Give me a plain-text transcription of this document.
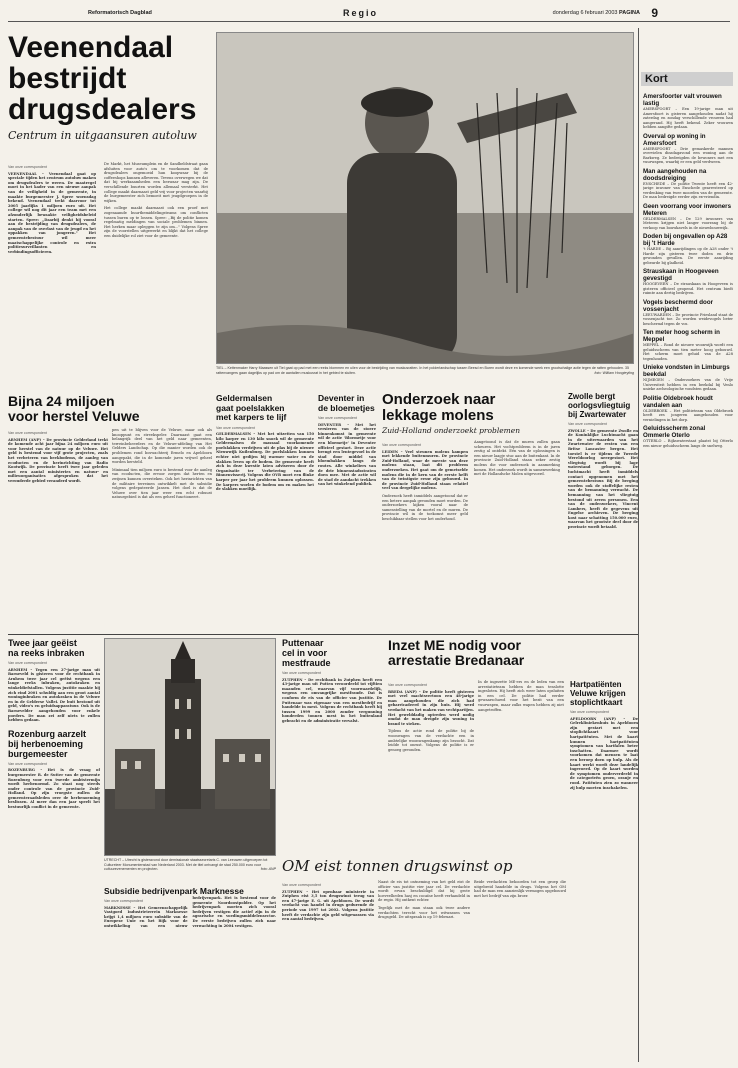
Reformatorisch Dagblad	Regio	donderdag 6 februari 2003 PAGINA 9
Veenendaal
bestrijdt
drugsdealers
Centrum in uitgaansuren autoluw
Van onze correspondent

VEENENDAAL – Veenendaal gaat op speciale tijden het centrum autoluw maken om drugsdealers te weren. De maatregel moet in het kader van een nieuwe aanpak van de veiligheid in de gemeente, in maakte burgemeester J. Spree woensdag bekend. Veenendaal trekt daarvoor tot 2005 jaarlijks 1 miljoen euro uit. Het college wil nog dit jaar een team met een afzonderlijk bewaakte veiligheidsbeleid starten. Spree: ,,Daarbij denkt hij vooral aan de bestrijding van drugsdealers, de aanpak van de overlast van de jeugd en het oppakken van jongeren." Het gemeentebestuur wil meer maatschappelijke controle en extra politiesurveillanten en verbindingsofficieren.

De Markt, het Museumplein en de Sandbeldstraat gaan afsluiten voor auto's om te voorkomen dat de drugsdealers ongemoeid hun koopwaar bij de coffeeshops kunnen afleveren. Tevens overwegen we dat dat bij werkzaamheden een bezwaar mag zijn. De verschillende buurten worden allemaal versterkt. Het college maakt daarnaast geld vrij voor projecten waarbij de burgemeester zich bemoeit met jeugdgroepen in de wijken.

Het college maakt daarnaast ook een proef met zogenaamde buurtbemiddelingsteams om conflicten tussen buren op te lossen. Spree: ,,Bij de politie komen regelmatig meldingen van sociale problemen binnen. Het herken maar opleggen te zijn om..." Volgens Spree zijn de voorstellen uitgewerkt en blijkt dat het college een duidelijke rol ziet voor de gemeente.

TIEL – Kettenmaker Harry Maassen uit Tiel gaat op pad met een reeks blommen en uilen voor de bestrijding van muskusratten. In het polderlandschap tussen Beesd en Buren wordt deze en komende week een grootschalige actie tegen de ratten gehouden. 35 rattenvangers gaan dagelijks op pad om de aantallen muskusrat in het gebied te sluiten.	foto: William Hoogteyling
Bijna 24 miljoen
voor herstel Veluwe
Van onze correspondent

ARNHEM (ANP) – De provincie Gelderland trekt de komende acht jaar bijna 24 miljoen euro uit voor herstel van de natuur op de Veluwe. Het geld is bestemd voor vijf grote projecten, zoals het verbeteren van beekbodems, de aanleg van ecoducten en de herinrichting van Radio Kootwijk. De provincie heeft twee jaar geleden met een aantal ministeries en natuur- en milieuorganisaties afgesproken dat het verouderde gebied veranderd wordt.

pen uit te blijven voor de Veluwe, maar ook als knooppunt en streekspeler. Daarnaast gaat een belangrijk deel van het geld naar gemeenten, terreinbeheerders en de Veluwe-afdeling van Het Gelders Landschap. Op die manier worden ook de problemen rond boswachterij Ermelo en Apeldoorn aangepakt, die in de komende jaren vrijwel geheel worden hersteld.

Minimaal tien miljoen euro is bestemd voor de aanleg van ecoducten, die ervoor zorgen dat herten en zwijnen kunnen oversteken. Ook het herinrichten van de militaire terreinen ontwikkelt met de subsidie volgens gedeputeerde Jansen. Het doel is dat de Veluwe over tien jaar weer een echt robuust natuurgebied is dat als een geheel functioneert.

Geldermalsen
gaat poelslakken
met karpers te lijf
Van onze correspondent

GELDERMALSEN – Met het uitzetten van 150 kilo karper en 130 kilo snoek wil de gemeente Geldermalsen de massaal voorkomende poelslakken verdrijven uit de plas bij de nieuwe Nieuwwijk Kuilenburg. De poelslakken kunnen echter niet gedijen bij warmer water en de slakken leven op de bodem. De gemeente heeft zich in deze kwestie laten adviseren door de Organisatie ter Verbetering van de Binnenvisserij. Volgens die OVB moet een flinke karper per jaar het probleem kunnen oplossen. De karpers woelen de bodem om en maken het de slakken moeilijk.

Deventer in
de bloemetjes
Van onze correspondent

DEVENTER – Met het versieren van de stoere binnenkomst in gemeente wil de actie 'Bloemetje voor een bloemetje' in Deventer officieel gestart. Deze actie brengt een lentegevoel in de stad door middel van bloembakken langs de routes. Alle winkeliers van de drie binnenstadsstraten doen mee. Met de actie wil de stad de aandacht trekken van het winkelend publiek.

Onderzoek naar
lekkage molens
Zuid-Holland onderzoekt problemen
Van onze correspondent

LEIDEN – Veel steunen molens kampen met lekkende buitenmuren. De provincie Zuid-Holland, waar de meeste van deze molens staan, laat dit probleem onderzoeken. Het gaat om de gemetselde molens die in de kern van de eerste helft van de twintigste eeuw zijn gebouwd. In de provincie Zuid-Holland staan relatief veel van dergelijke molens.

Onderzoek heeft inmiddels aangetoond dat er een betere aanpak gevonden moet worden. De onderzoekers kijken vooral naar de samenstelling van de mortel en de muren. De provincie wil in de toekomst meer geld beschikbaar stellen voor het onderhoud.

Aangetoond is dat de muren zullen gaan scheuren. Het vochtprobleem is in de jaren zestig al ontdekt. Eén van de oplossingen is een nieuw laagje stuc aan de buitenkant. In de provincie Zuid-Holland staan zeker zestig molens die voor onderzoek in aanmerking komen. Het onderzoek wordt in samenwerking met de Hollandsche Molen uitgevoerd.

Zwolle bergt
oorlogsvliegtuig
bij Zwartewater
Van onze correspondent

ZWOLLE – De gemeente Zwolle en de Koninklijke Luchtmacht gaan in de uiterwaarden van het Zwartewater de resten van een Britse Lancaster bergen. Het toestel is er tijdens de Tweede Wereldoorlog neergestort. Het vliegtuig wordt bij lage waterstand geborgen. De luchtmacht heeft inmiddels contact opgenomen met het gemeentebestuur. Bij de berging worden ook de stoffelijke resten van de bemanning verwacht. De bemanning van het vliegtuig bestond uit zeven personen. Een van de onderzoekers, Vincent Lambers, heeft de gegevens uit Engelse archieven. De berging kost naar schatting 150.000 euro, waarvan het grootste deel door de provincie wordt betaald.

Twee jaar geëist
na reeks inbraken
Van onze correspondent

ARNHEM – Tegen een 27-jarige man uit Barneveld is gisteren voor de rechtbank in Arnhem twee jaar cel geëist wegens een lange reeks inbraken, autokraken en winkeldiefstallen. Volgens justitie maakte hij zich eind 2001 schuldig aan een groot aantal woninginbraken en autokraken in de Veluwe en in de Gelderse Vallei. De buit bestond uit geld, video's en geluidsapparatuur. Ook is de Barnevelder aangehouden voor enkele poeders. De man zei zelf niets te zullen hebben gedaan.

Rozenburg aarzelt
bij herbenoeming
burgemeester
Van onze correspondent

ROZENBURG – Het is de vraag of burgemeester R. de Sutter van de gemeente Rozenburg voor een tweede ambtstermijn wordt herbenoemd. Zo staat nog steeds onder controle van de provincie Zuid-Holland. Op zijn vroegste zullen de gemeenteraadsleden over de herbenoeming beslissen. Al meer dan een jaar speelt het bestuurlijk conflict in de gemeente.

UTRECHT – Utrecht is gisteravond door demissionair staatssecretaris C. van Leeuwen uitgeroepen tot Cultureleer Monumentenstad van Nederland 2003. Met de titel ontvangt de stad 250.000 euro voor cultuurevenementen en projecten.	foto: ANP
Puttenaar
cel in voor
mestfraude
Van onze correspondent

ZUTPHEN – De rechtbank in Zutphen heeft een 43-jarige man uit Putten veroordeeld tot vijftien maanden cel, waarvan vijf voorwaardelijk, wegens een omvangrijke mestfraude. Dat is conform de eis van de officier van justitie. De Puttenaar was eigenaar van een mestbedrijf en handelde in mest. Volgens de rechtbank heeft hij tussen 1999 en 2000 zonder vergunning honderden tonnen mest in het buitenland gebracht en de administratie vervalst.

Inzet ME nodig voor
arrestatie Bredanaar
Van onze correspondent

BREDA (ANP) – De politie heeft gisteren met veel machtsvertoon een 48-jarige man aangehouden die zich had gebarricadeerd in zijn huis. Hij werd verdacht van het maken van vechtpartijen. Het gewelddadig optreden werd nodig omdat de man dreigde zijn woning in brand te steken.

Tijdens de actie rond de politie bij de woonwagen van de verdachte een in ambtelijke woonwagenkamp zijn bezocht. Dat leidde tot onrust. Volgens de politie is er genoeg gevonden.

In de ingezette ME-ers en de leden van een arrestatieteam hebben de man tenslotte ingesloten. Hij heeft zich weer laten opsluiten in een cel. De politie had eerder gewaarschuwd voor het bezit van een vuurwapen, maar zulks wapen hebben zij niet aangetroffen.

Hartpatiënten
Veluwe krijgen
stoplichtkaart
Van onze correspondent

APELDOORN (ANP) – De Gelrekliniekenhuis in Apeldoorn zijn gestart met een stoplichtkaart voor hartpatiënten. Met de kaart kunnen hartpatiënten symptomen van hartfalen beter inschatten. Daarmee wordt voorkomen dat mensen te laat een beroep doen op hulp. Als de kaart werkt wordt deze landelijk ingevoerd. Op de kaart worden de symptomen onderverdeeld in de categorieën groen, oranje en rood. Patiënten zien zo wanneer zij hulp moeten inschakelen.

OM eist tonnen drugswinst op
Van onze correspondent

ZUTPHEN – Het openbaar ministerie in Zutphen eist 3,5 ton drugswinst terug van een 47-jarige E. G. uit Apeldoorn. De wordt verdacht van handel in drugs gedurende de periode van 1997 tot 2002. Volgens justitie heeft de verdachte zijn geld witgewassen via een aantal bedrijven.

Naast de eis tot ontneming van het geld eist de officier van justitie vier jaar cel. De verdachte wordt ervan beschuldigd dat hij grote hoeveelheden hasj en cocaïne heeft verhandeld in de regio. Hij ontkent echter.

Tegelijk met de man staan ook twee andere verdachten terecht voor het witwassen van drugsgeld. De uitspraak is op 19 februari.

Beide verdachten behoorden tot een groep die uitgebreid handelde in drugs. Volgens het OM had de man een aanzienlijk vermogen opgebouwd met het bedrijf van zijn broer.

Subsidie bedrijvenpark Marknesse
Van onze correspondent

MARKNESSE – Het Gemeenschappelijk Vastgoed Industrieterrein Marknesse krijgt 1,4 miljoen euro subsidie van de Europese Unie en het Rijk voor de ontwikkeling van een nieuw bedrijvenpark. Het is bestemd voor de gemeente Noordoostpolder. Op het bedrijvenpark moeten zich vooral bedrijven vestigen die actief zijn in de agrarische en voedingsmiddelensector. De eerste bedrijven zullen zich naar verwachting in 2004 vestigen.

Kort
Amersfoorter valt vrouwen lastig

AMERSFOORT – Een 19-jarige man uit Amersfoort is gisteren aangehouden nadat hij zaterdag en zondag verschillende vrouwen had aangerand. Hij heeft bekend. Zeker vrouwen hebben aangifte gedaan.

Overval op woning in Amersfoort

AMERSFOORT – Drie gemaskerde mannen overvielen dinsdagavond een woning aan de Barkweg. Ze bedreigden de bewoners met een vuurwapen, waarbij er een geld verdween.

Man aangehouden na doodsdreiging

ENSCHEDE – De politie Twente heeft een 42-jarige inwoner van Enschede gearresteerd op verdenking van twee moorden van de gemeente. De man bedreigde eerder zijn ex-vriendin.

Geen voorrang voor inwoners Meteren

GELDERMALSEN – De 129 inwoners van Meteren krijgen niet langer voorrang bij de verkoop van bouwkavels in de nieuwbouwwijk.

Doden bij ongevallen op A28 bij 't Harde

't HARDE – Bij aanrijdingen op de A28 onder 't Harde zijn gisteren twee doden en drie gewonden gevallen. De eerste aanrijding gebeurde bij gladheid.

Strauskaan in Hoogeveen gevestigd

HOOGEVEEN – De strauskaan in Hoogeveen is gisteren officieel geopend. Het centrum biedt ruimte aan dertig bedrijven.

Vogels beschermd door vossenjacht

LEEUWARDEN – De provincie Friesland staat de vossenjacht toe. Zo worden weidevogels beter beschermd tegen de vos.

Ten meter hoog scherm in Meppel

MEPPEL – Rond de nieuwe woonwijk wordt een geluidsscherm van tien meter hoog gebouwd. Het scherm moet geluid van de A28 tegenhouden.

Unieke vondsten in Limburgs beekdal

NIJMEGEN – Onderzoekers van de Vrije Universiteit hebben in een beekdal bij Venlo unieke archeologische vondsten gedaan.

Politie Oldebroek houdt vandalen aan

OLDEBROEK – Het politieteam van Oldebroek heeft zes jongeren aangehouden voor vernielingen in het dorp.

Geluidsscherm zonal Ommerle Oterlo

OTTERLO – Rijkswaterstaat plaatst bij Otterlo een nieuw geluidsscherm langs de snelweg.
